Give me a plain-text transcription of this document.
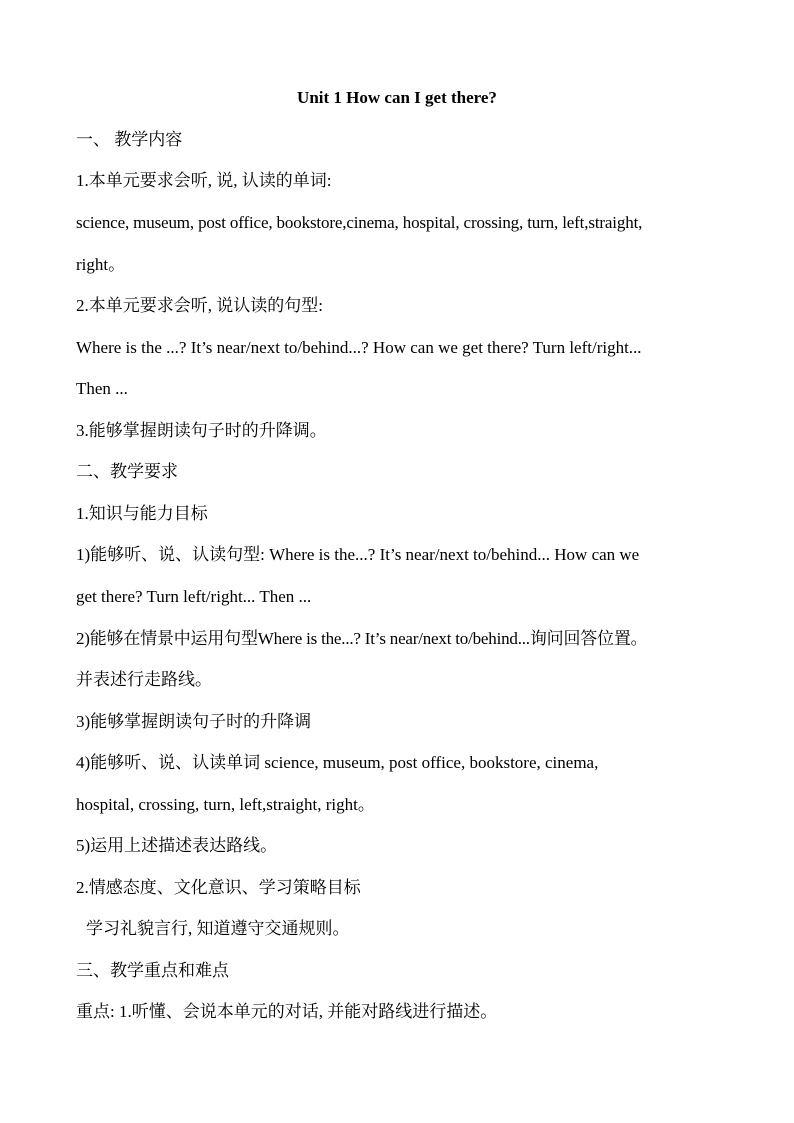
Unit 1 How can I get there?
一、 教学内容
1.本单元要求会听, 说, 认读的单词:
science, museum, post office, bookstore,cinema, hospital, crossing, turn, left,straight,
right。
2.本单元要求会听, 说认读的句型:
Where is the ...? It’s near/next to/behind...? How can we get there? Turn left/right...
Then ...
3.能够掌握朗读句子时的升降调。
二、教学要求
1.知识与能力目标
1)能够听、说、认读句型: Where is the...? It’s near/next to/behind... How can we
get there? Turn left/right... Then ...
2)能够在情景中运用句型Where is the...? It’s near/next to/behind...询问回答位置。
并表述行走路线。
3)能够掌握朗读句子时的升降调
4)能够听、说、认读单词 science, museum, post office, bookstore, cinema,
hospital, crossing, turn, left,straight, right。
5)运用上述描述表达路线。
2.情感态度、文化意识、学习策略目标
学习礼貌言行, 知道遵守交通规则。
三、教学重点和难点
重点: 1.听懂、会说本单元的对话, 并能对路线进行描述。
